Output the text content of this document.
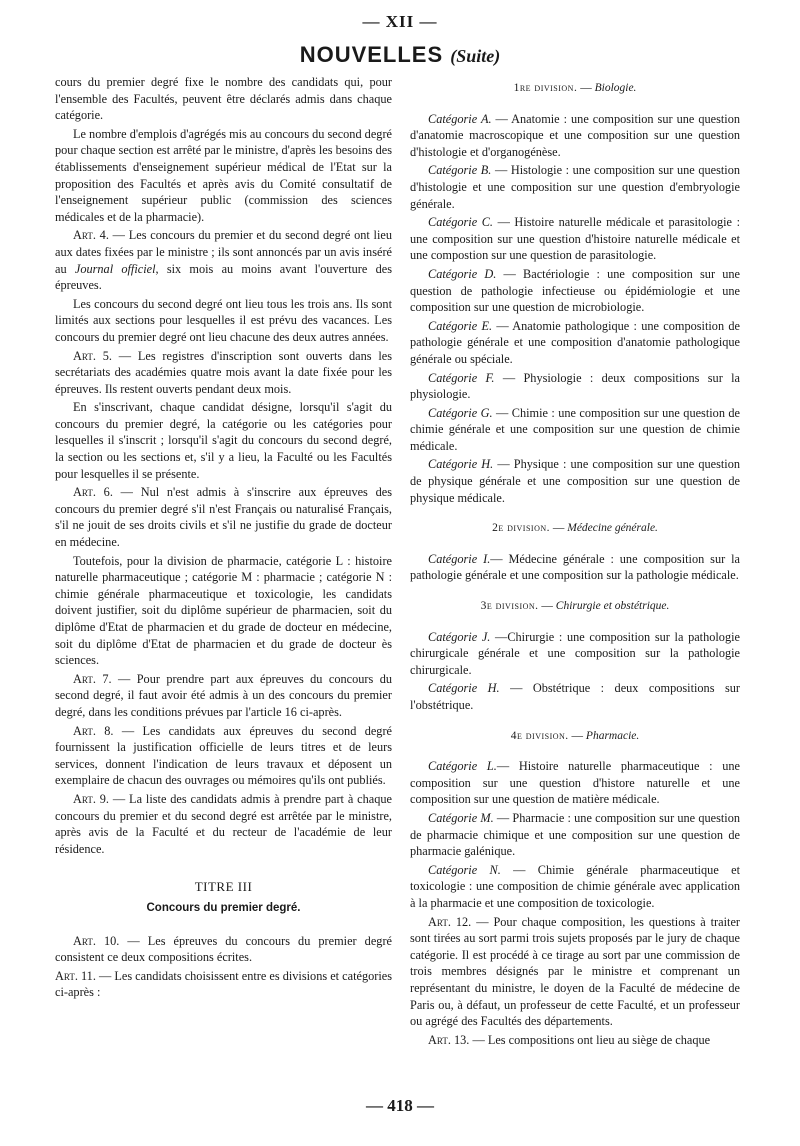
— XII —
NOUVELLES (Suite)

cours du premier degré fixe le nombre des candidats qui, pour l'ensemble des Facultés, peuvent être déclarés admis dans chaque catégorie.

Le nombre d'emplois d'agrégés mis au concours du second degré pour chaque section est arrêté par le ministre, d'après les besoins des établissements d'enseignement supérieur médical de l'Etat sur la proposition des Facultés et après avis du Comité consultatif de l'enseignement supérieur public (commission des sciences médicales et de la pharmacie).

Art. 4. — Les concours du premier et du second degré ont lieu aux dates fixées par le ministre ; ils sont annoncés par un avis inséré au Journal officiel, six mois au moins avant l'ouverture des épreuves.

Les concours du second degré ont lieu tous les trois ans. Ils sont limités aux sections pour lesquelles il est prévu des vacances. Les concours du premier degré ont lieu chacune des deux autres années.

Art. 5. — Les registres d'inscription sont ouverts dans les secrétariats des académies quatre mois avant la date fixée pour les épreuves. Ils restent ouverts pendant deux mois.

En s'inscrivant, chaque candidat désigne, lorsqu'il s'agit du concours du premier degré, la catégorie ou les catégories pour lesquelles il s'inscrit ; lorsqu'il s'agit du concours du second degré, la section ou les sections et, s'il y a lieu, la Faculté ou les Facultés pour lesquelles il se présente.

Art. 6. — Nul n'est admis à s'inscrire aux épreuves des concours du premier degré s'il n'est Français ou naturalisé Français, s'il ne jouit de ses droits civils et s'il ne justifie du grade de docteur en médecine.

Toutefois, pour la division de pharmacie, catégorie L : histoire naturelle pharmaceutique ; catégorie M : pharmacie ; catégorie N : chimie générale pharmaceutique et toxicologie, les candidats doivent justifier, soit du diplôme supérieur de pharmacien, soit du diplôme d'Etat de pharmacien et du grade de docteur en médecine, soit du diplôme d'Etat de pharmacien et du grade de docteur ès sciences.

Art. 7. — Pour prendre part aux épreuves du concours du second degré, il faut avoir été admis à un des concours du premier degré, dans les conditions prévues par l'article 16 ci-après.

Art. 8. — Les candidats aux épreuves du second degré fournissent la justification officielle de leurs titres et de leurs services, donnent l'indication de leurs travaux et déposent un exemplaire de chacun des ouvrages ou mémoires qu'ils ont publiés.

Art. 9. — La liste des candidats admis à prendre part à chaque concours du premier et du second degré est arrêtée par le ministre, après avis de la Faculté et du recteur de l'académie de leur résidence.

TITRE III

Concours du premier degré.

Art. 10. — Les épreuves du concours du premier degré consistent ce deux compositions écrites.

Art. 11. — Les candidats choisissent entre es divisions et catégories ci-après :

1re division. — Biologie.

Catégorie A. — Anatomie : une composition sur une question d'anatomie macroscopique et une composition sur une question d'histologie et d'organogénèse.

Catégorie B. — Histologie : une composition sur une question d'histologie et une composition sur une question d'embryologie générale.

Catégorie C. — Histoire naturelle médicale et parasitologie : une composition sur une question d'histoire naturelle médicale et une compostion sur une question de parasitologie.

Catégorie D. — Bactériologie : une composition sur une question de pathologie infectieuse ou épidémiologie et une composition sur une question de microbiologie.

Catégorie E. — Anatomie pathologique : une composition de pathologie générale et une composition d'anatomie pathologique générale ou spéciale.

Catégorie F. — Physiologie : deux compositions sur la physiologie.

Catégorie G. — Chimie : une composition sur une question de chimie générale et une composition sur une question de chimie médicale.

Catégorie H. — Physique : une composition sur une question de physique générale et une composition sur une question de physique médicale.

2e division. — Médecine générale.

Catégorie I.— Médecine générale : une composition sur la pathologie générale et une composition sur la pathologie médicale.

3e division. — Chirurgie et obstétrique.

Catégorie J. —Chirurgie : une composition sur la pathologie chirurgicale générale et une composition sur la pathologie chirurgicale.

Catégorie H. — Obstétrique : deux compositions sur l'obstétrique.

4e division. — Pharmacie.

Catégorie L.— Histoire naturelle pharmaceutique : une composition sur une question d'histore naturelle et une composition sur une question de matière médicale.

Catégorie M. — Pharmacie : une composition sur une question de pharmacie chimique et une composition sur une question de pharmacie galénique.

Catégorie N. — Chimie générale pharmaceutique et toxicologie : une composition de chimie générale avec application à la pharmacie et une composition de toxicologie.

Art. 12. — Pour chaque composition, les questions à traiter sont tirées au sort parmi trois sujets proposés par le jury de chaque catégorie. Il est procédé à ce tirage au sort par une commission de trois membres désignés par le ministre et comprenant un représentant du ministre, le doyen de la Faculté de médecine de Paris ou, à défaut, un professeur de cette Faculté, et un professeur ou agrégé des Facultés des départements.

Art. 13. — Les compositions ont lieu au siège de chaque

— 418 —
